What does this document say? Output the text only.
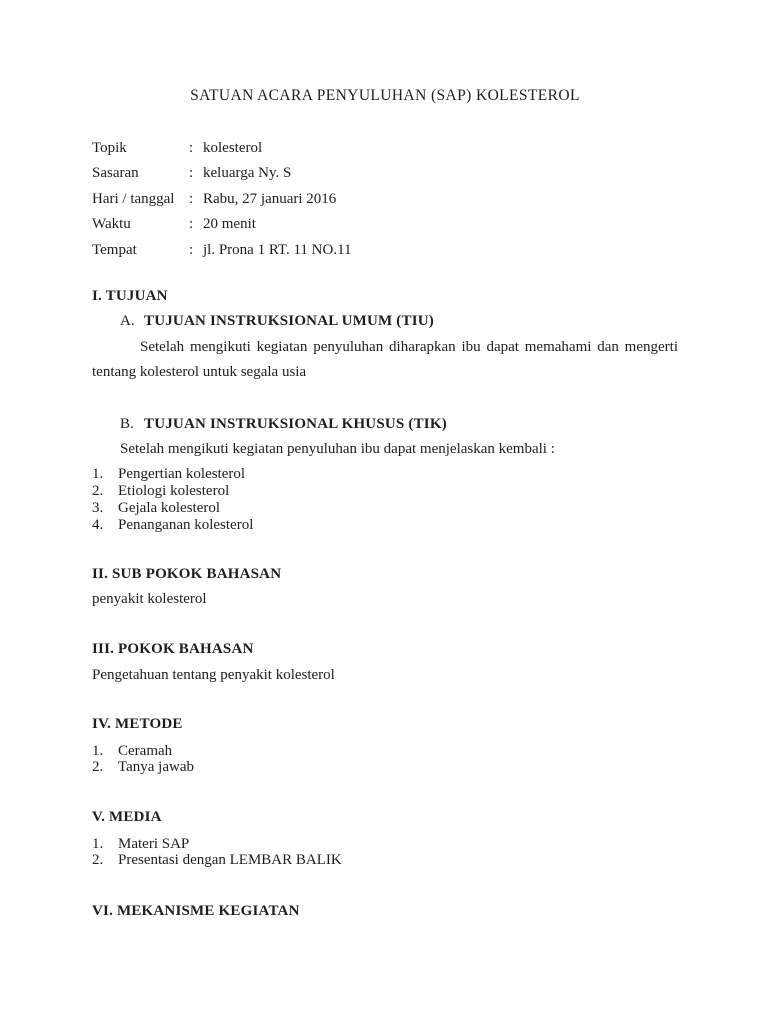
SATUAN ACARA PENYULUHAN (SAP) KOLESTEROL
Topik	: kolesterol
Sasaran	: keluarga Ny. S
Hari / tanggal : Rabu, 27 januari 2016
Waktu	: 20 menit
Tempat	: jl. Prona 1 RT. 11 NO.11
I. TUJUAN
A. TUJUAN INSTRUKSIONAL UMUM (TIU)

Setelah mengikuti kegiatan penyuluhan diharapkan ibu dapat memahami dan mengerti tentang kolesterol untuk segala usia

B. TUJUAN INSTRUKSIONAL KHUSUS (TIK)

Setelah mengikuti kegiatan penyuluhan ibu dapat menjelaskan kembali :

1. Pengertian kolesterol
2. Etiologi kolesterol
3. Gejala kolesterol
4. Penanganan kolesterol
II. SUB POKOK BAHASAN

penyakit kolesterol

III. POKOK BAHASAN

Pengetahuan tentang penyakit kolesterol

IV. METODE
1. Ceramah
2. Tanya jawab
V. MEDIA
1. Materi SAP
2. Presentasi dengan LEMBAR BALIK
VI. MEKANISME KEGIATAN
